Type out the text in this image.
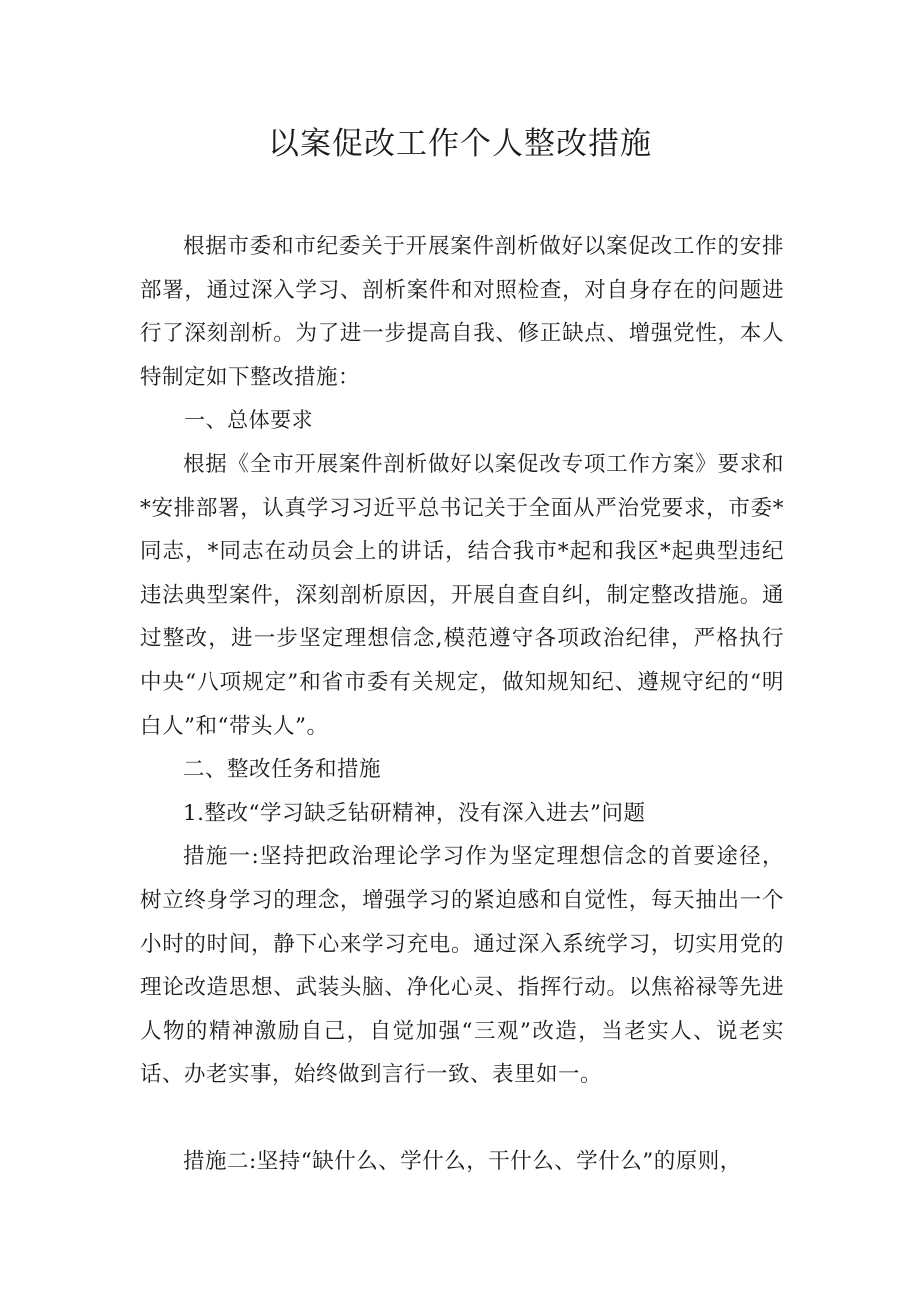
以案促改工作个人整改措施

根据市委和市纪委关于开展案件剖析做好以案促改工作的安排部署，通过深入学习、剖析案件和对照检查，对自身存在的问题进行了深刻剖析。为了进一步提高自我、修正缺点、增强党性，本人特制定如下整改措施：

一、总体要求

根据《全市开展案件剖析做好以案促改专项工作方案》要求和*安排部署，认真学习习近平总书记关于全面从严治党要求，市委*同志，*同志在动员会上的讲话，结合我市*起和我区*起典型违纪违法典型案件，深刻剖析原因，开展自查自纠，制定整改措施。通过整改，进一步坚定理想信念,模范遵守各项政治纪律，严格执行中央“八项规定”和省市委有关规定，做知规知纪、遵规守纪的“明白人”和“带头人”。

二、整改任务和措施

1.整改“学习缺乏钻研精神，没有深入进去”问题

措施一:坚持把政治理论学习作为坚定理想信念的首要途径，树立终身学习的理念，增强学习的紧迫感和自觉性，每天抽出一个小时的时间，静下心来学习充电。通过深入系统学习，切实用党的理论改造思想、武装头脑、净化心灵、指挥行动。以焦裕禄等先进人物的精神激励自己，自觉加强“三观”改造，当老实人、说老实话、办老实事，始终做到言行一致、表里如一。

措施二:坚持“缺什么、学什么，干什么、学什么”的原则，
